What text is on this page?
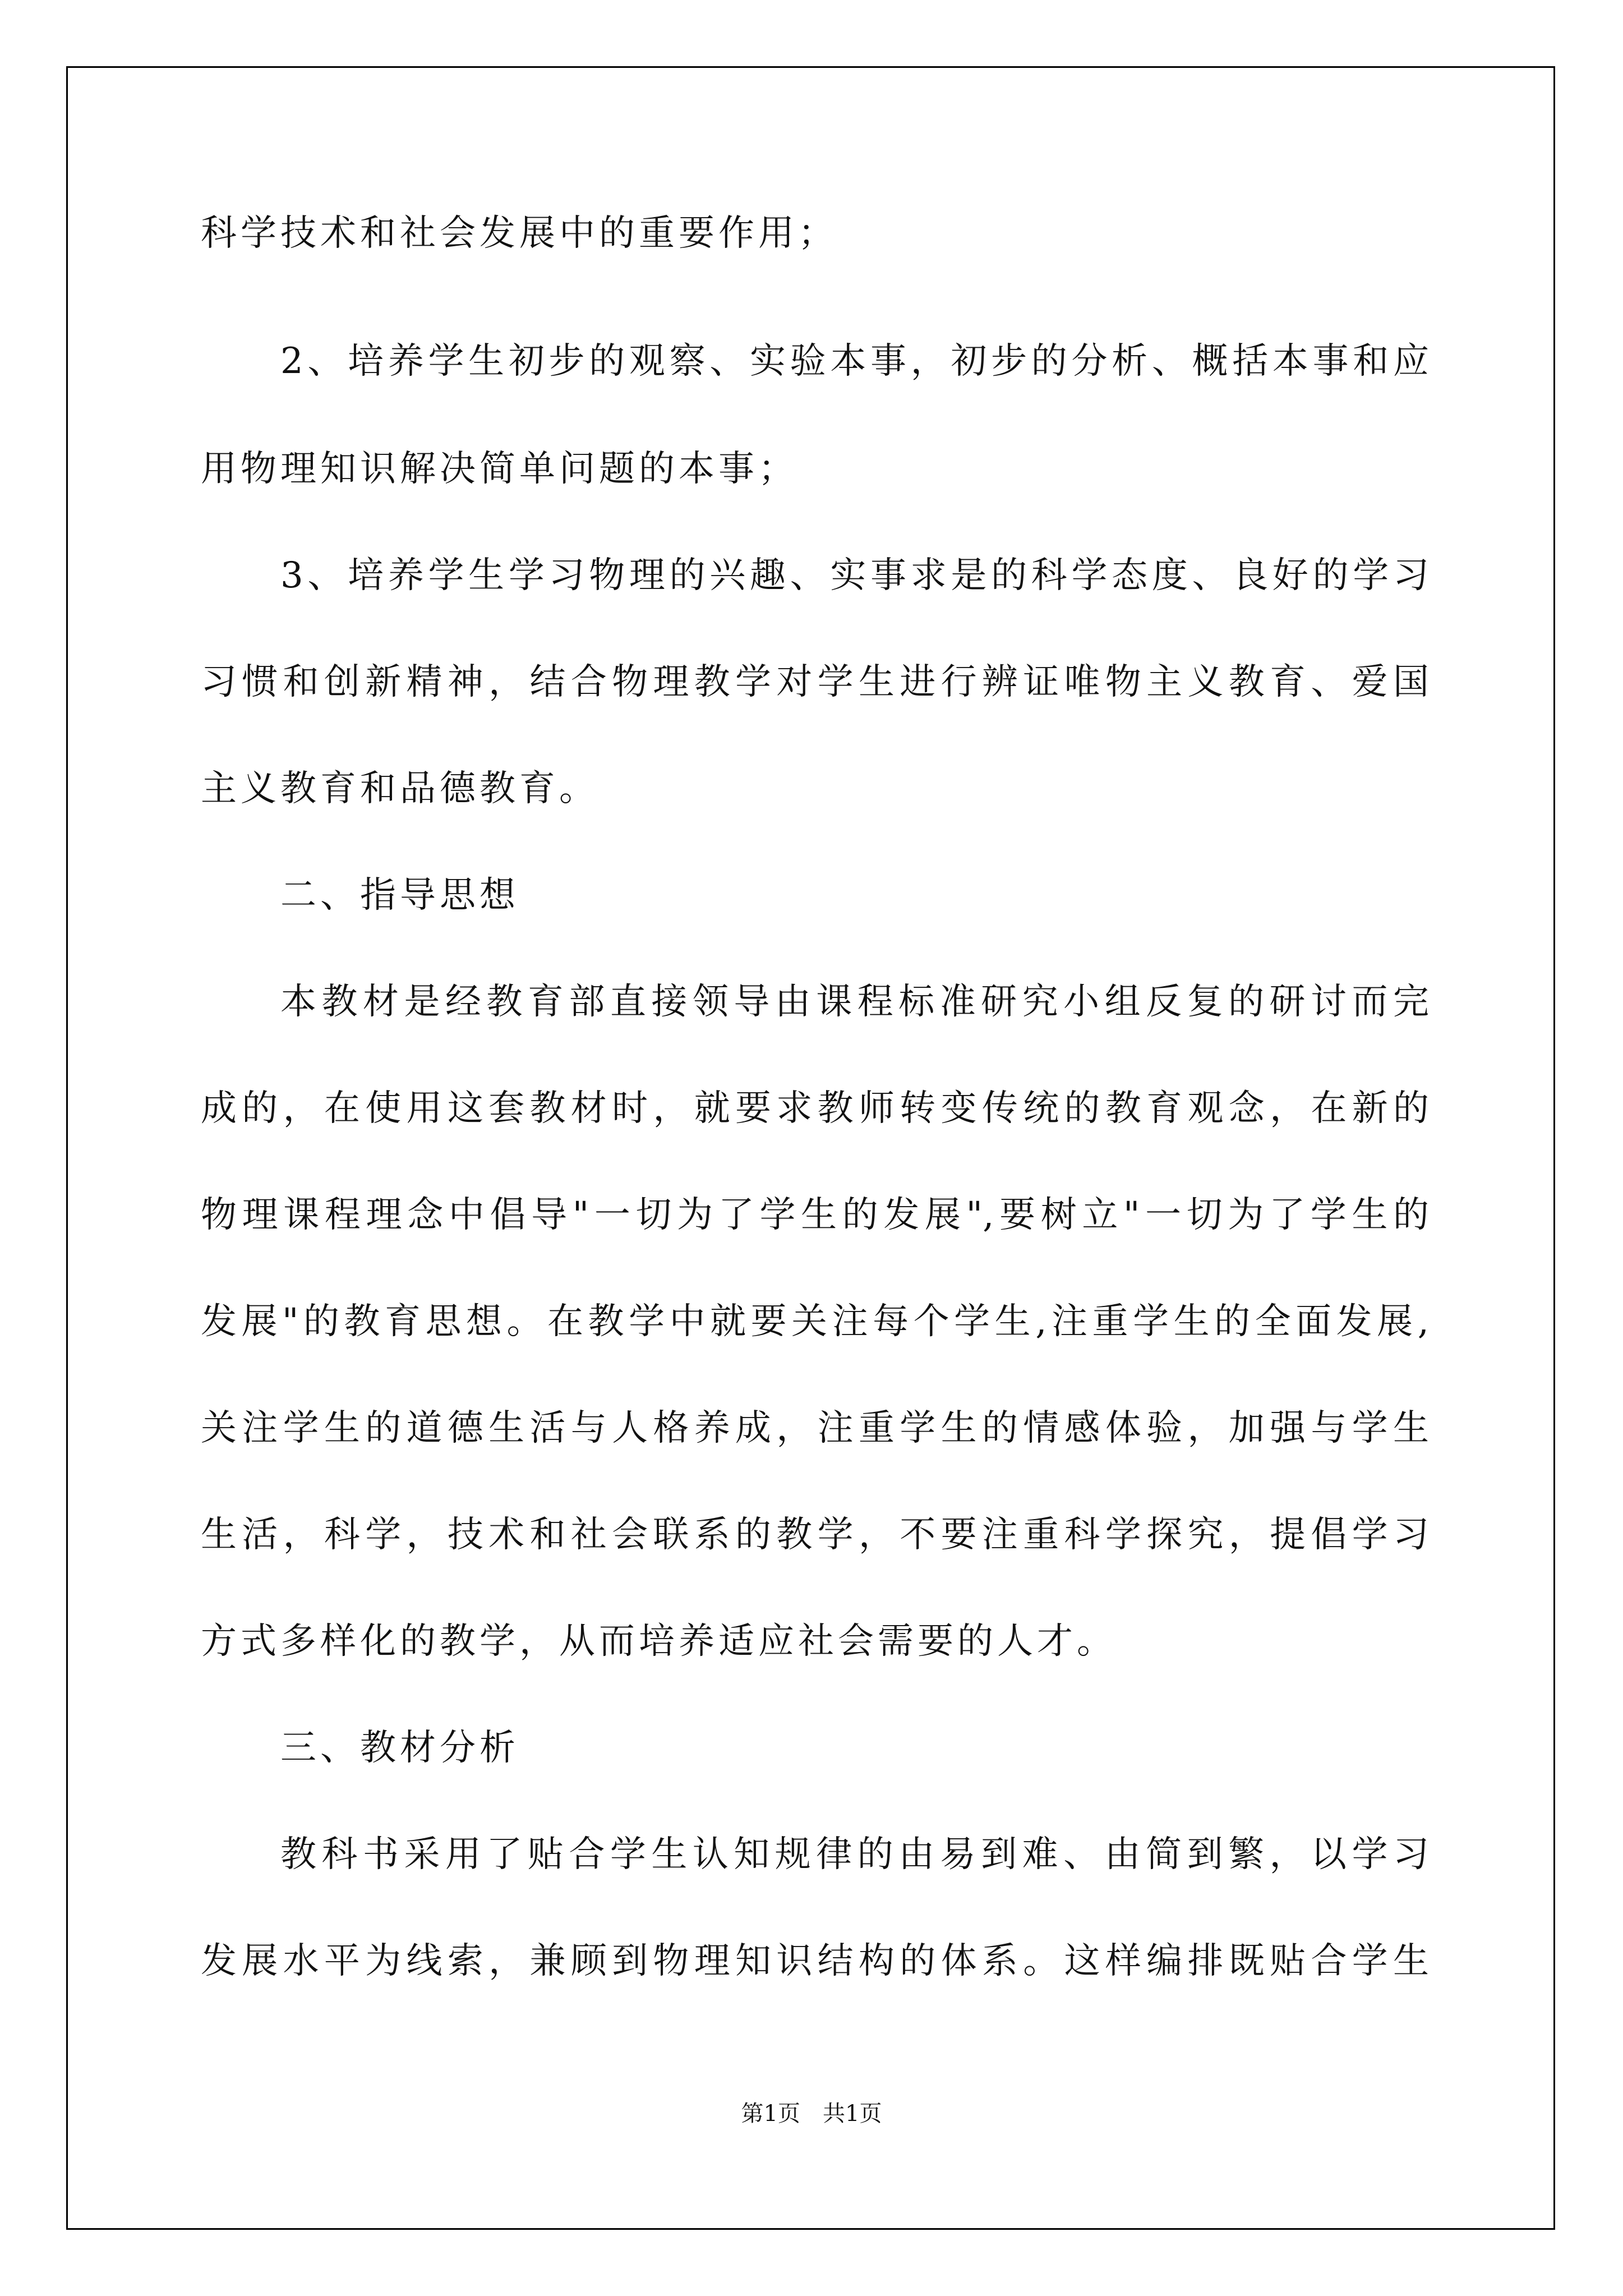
科学技术和社会发展中的重要作用；

2、培养学生初步的观察、实验本事，初步的分析、概括本事和应

用物理知识解决简单问题的本事；

3、培养学生学习物理的兴趣、实事求是的科学态度、良好的学习

习惯和创新精神，结合物理教学对学生进行辨证唯物主义教育、爱国

主义教育和品德教育。

二、指导思想

本教材是经教育部直接领导由课程标准研究小组反复的研讨而完

成的，在使用这套教材时，就要求教师转变传统的教育观念，在新的

物理课程理念中倡导"一切为了学生的发展",要树立"一切为了学生的

发展"的教育思想。在教学中就要关注每个学生,注重学生的全面发展,

关注学生的道德生活与人格养成，注重学生的情感体验，加强与学生

生活，科学，技术和社会联系的教学，不要注重科学探究，提倡学习

方式多样化的教学，从而培养适应社会需要的人才。

三、教材分析

教科书采用了贴合学生认知规律的由易到难、由简到繁，以学习

发展水平为线索，兼顾到物理知识结构的体系。这样编排既贴合学生

第1页　共1页
